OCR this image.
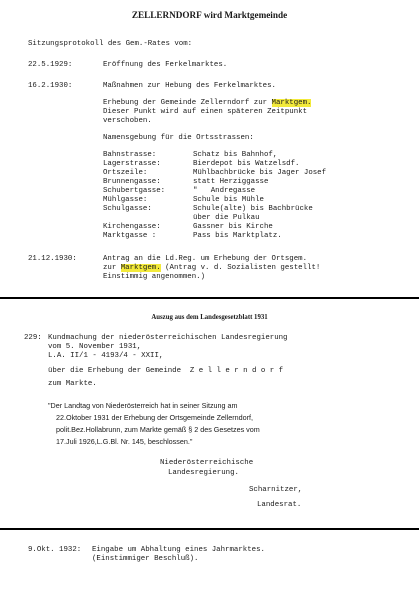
ZELLERNDORF wird Marktgemeinde
Sitzungsprotokoll des Gem.-Rates vom:
22.5.1929:	Eröffnung des Ferkelmarktes.
16.2.1930:	Maßnahmen zur Hebung des Ferkelmarktes.
Erhebung der Gemeinde Zellerndorf zur Marktgem.
Dieser Punkt wird auf einen späteren Zeitpunkt
verschoben.
Namensgebung für die Ortsstrassen:
Bahnstrasse:	Schatz bis Bahnhof,
Lagerstrasse:	Bierdepot bis Watzelsdf.
Ortszeile:	Mühlbachbrücke bis Jager Josef
Brunnengasse:	statt Herziggasse
Schubertgasse:	"   Andregasse
Mühlgasse:	Schule bis Mühle
Schulgasse:	Schule(alte) bis Bachbrücke
über die Pulkau
Kirchengasse:	Gassner bis Kirche
Marktgasse :	Pass bis Marktplatz.
21.12.1930:	Antrag an die Ld.Reg. um Erhebung der Ortsgem.
zur Marktgem. (Antrag v. d. Sozialisten gestellt!
Einstimmig angenommen.)
Auszug aus dem Landesgesetzblatt 1931
229: Kundmachung der niederösterreichischen Landesregierung
vom 5. November 1931,
L.A. II/1 - 4193/4 - XXII,
über die Erhebung der Gemeinde  Z e l l e r n d o r f
zum Markte.
"Der Landtag von Niederösterreich hat in seiner Sitzung am
22.Oktober 1931 der Erhebung der Ortsgemeinde Zellerndorf,
polit.Bez.Hollabrunn, zum Markte gemäß § 2 des Gesetzes vom
17.Juli 1926,L.G.Bl. Nr. 145, beschlossen."
Niederösterreichische
Landesregierung.
Scharnitzer,
Landesrat.
9.Okt. 1932: Eingabe um Abhaltung eines Jahrmarktes.
(Einstimmiger Beschluß).
